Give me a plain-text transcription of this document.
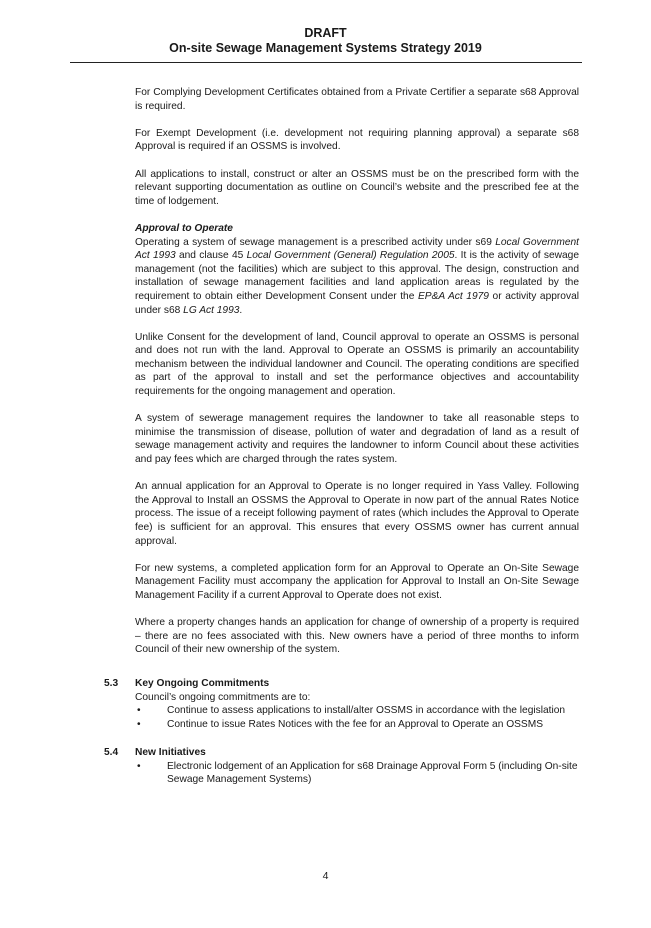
DRAFT
On-site Sewage Management Systems Strategy 2019

For Complying Development Certificates obtained from a Private Certifier a separate s68 Approval is required.

For Exempt Development (i.e. development not requiring planning approval) a separate s68 Approval is required if an OSSMS is involved.

All applications to install, construct or alter an OSSMS must be on the prescribed form with the relevant supporting documentation as outline on Council’s website and the prescribed fee at the time of lodgement.

Approval to Operate

Operating a system of sewage management is a prescribed activity under s69 Local Government Act 1993 and clause 45 Local Government (General) Regulation 2005. It is the activity of sewage management (not the facilities) which are subject to this approval. The design, construction and installation of sewage management facilities and land application areas is regulated by the requirement to obtain either Development Consent under the EP&A Act 1979 or activity approval under s68 LG Act 1993.

Unlike Consent for the development of land, Council approval to operate an OSSMS is personal and does not run with the land. Approval to Operate an OSSMS is primarily an accountability mechanism between the individual landowner and Council. The operating conditions are specified as part of the approval to install and set the performance objectives and accountability requirements for the ongoing management and operation.

A system of sewerage management requires the landowner to take all reasonable steps to minimise the transmission of disease, pollution of water and degradation of land as a result of sewage management activity and requires the landowner to inform Council about these activities and pay fees which are charged through the rates system.

An annual application for an Approval to Operate is no longer required in Yass Valley. Following the Approval to Install an OSSMS the Approval to Operate in now part of the annual Rates Notice process. The issue of a receipt following payment of rates (which includes the Approval to Operate fee) is sufficient for an approval. This ensures that every OSSMS owner has current annual approval.

For new systems, a completed application form for an Approval to Operate an On-Site Sewage Management Facility must accompany the application for Approval to Install an On-Site Sewage Management Facility if a current Approval to Operate does not exist.

Where a property changes hands an application for change of ownership of a property is required – there are no fees associated with this. New owners have a period of three months to inform Council of their new ownership of the system.

5.3	Key Ongoing Commitments
Council’s ongoing commitments are to:
•	Continue to assess applications to install/alter OSSMS in accordance with the legislation
•	Continue to issue Rates Notices with the fee for an Approval to Operate an OSSMS
5.4	New Initiatives
•	Electronic lodgement of an Application for s68 Drainage Approval Form 5 (including On-site Sewage Management Systems)
4
